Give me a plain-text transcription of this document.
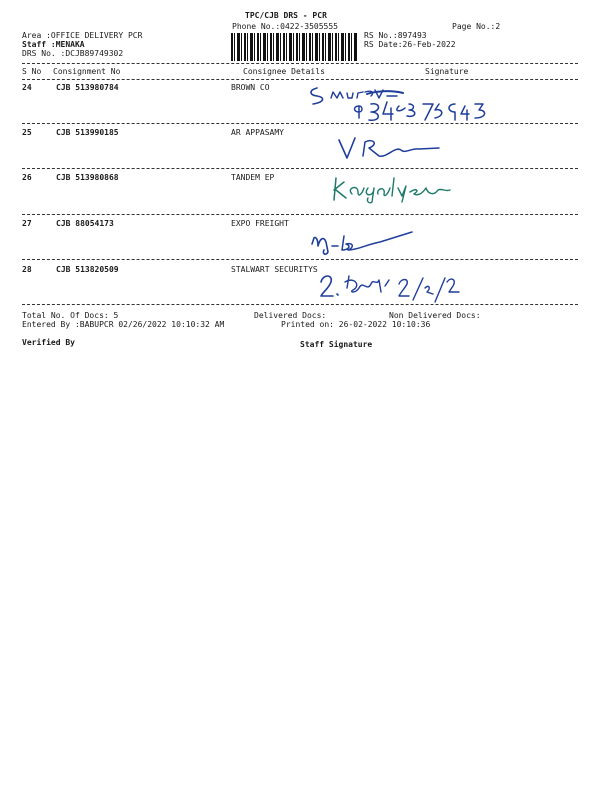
TPC/CJB DRS - PCR
Phone No.:0422-3505555	Page No.:2
Area :OFFICE DELIVERY PCR
Staff :MENAKA
DRS No. :DCJB89749302
RS No.:897493
RS Date:26-Feb-2022
S No Consignment No	Consignee Details	Signature
24	CJB 513980784	BROWN CO
25	CJB 513990185	AR APPASAMY
26	CJB 513980868	TANDEM EP
27	CJB 88054173	EXPO FREIGHT
28	CJB 513820509	STALWART SECURITYS
Total No. Of Docs: 5	Delivered Docs:	Non Delivered Docs:
Entered By :BABUPCR 02/26/2022 10:10:32 AM	Printed on: 26-02-2022 10:10:36
Verified By	Staff Signature
